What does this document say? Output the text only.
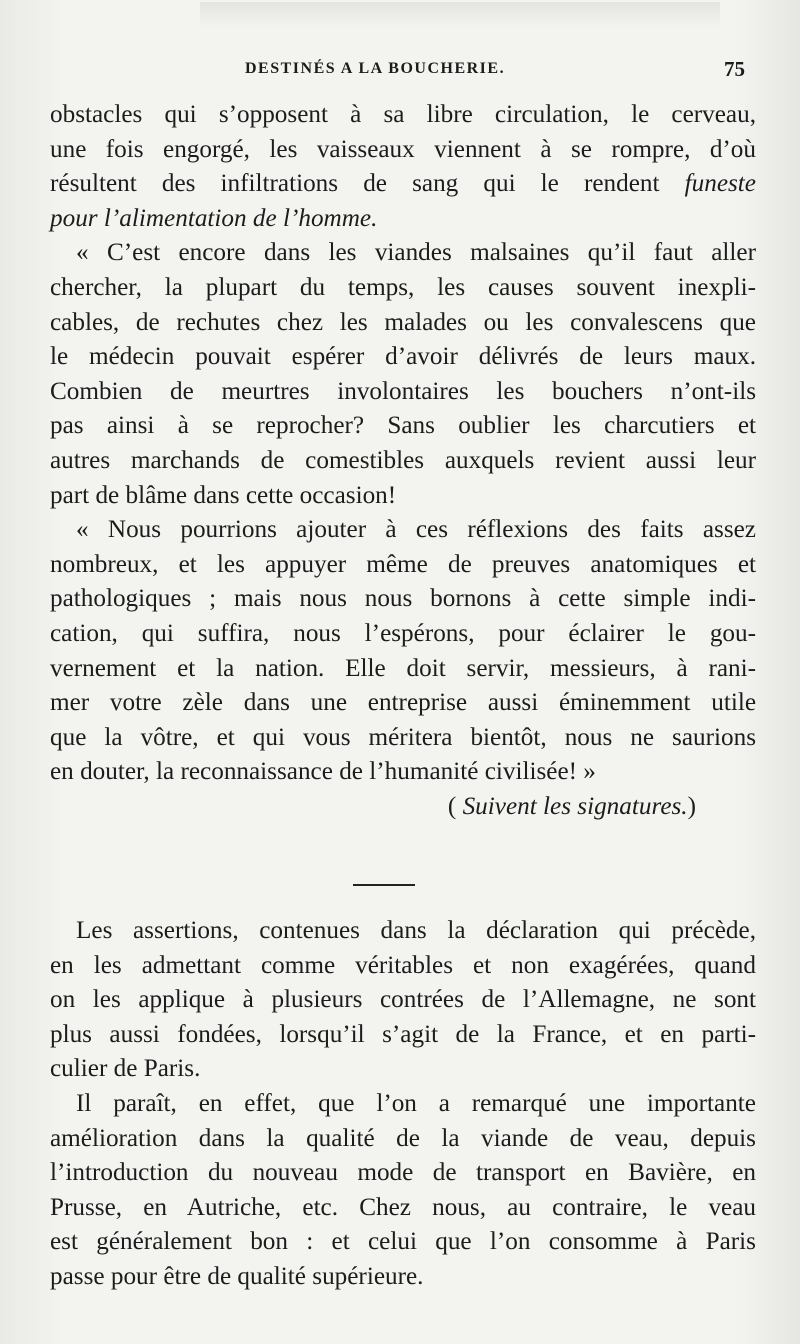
DESTINÉS A LA BOUCHERIE.	75
obstacles qui s’opposent à sa libre circulation, le cerveau,
une fois engorgé, les vaisseaux viennent à se rompre, d’où
résultent des infiltrations de sang qui le rendent funeste
pour l’alimentation de l’homme.
« C’est encore dans les viandes malsaines qu’il faut aller
chercher, la plupart du temps, les causes souvent inexpli-
cables, de rechutes chez les malades ou les convalescens que
le médecin pouvait espérer d’avoir délivrés de leurs maux.
Combien de meurtres involontaires les bouchers n’ont-ils
pas ainsi à se reprocher? Sans oublier les charcutiers et
autres marchands de comestibles auxquels revient aussi leur
part de blâme dans cette occasion!
« Nous pourrions ajouter à ces réflexions des faits assez
nombreux, et les appuyer même de preuves anatomiques et
pathologiques ; mais nous nous bornons à cette simple indi-
cation, qui suffira, nous l’espérons, pour éclairer le gou-
vernement et la nation. Elle doit servir, messieurs, à rani-
mer votre zèle dans une entreprise aussi éminemment utile
que la vôtre, et qui vous méritera bientôt, nous ne saurions
en douter, la reconnaissance de l’humanité civilisée! »
( Suivent les signatures.)
Les assertions, contenues dans la déclaration qui précède,
en les admettant comme véritables et non exagérées, quand
on les applique à plusieurs contrées de l’Allemagne, ne sont
plus aussi fondées, lorsqu’il s’agit de la France, et en parti-
culier de Paris.
Il paraît, en effet, que l’on a remarqué une importante
amélioration dans la qualité de la viande de veau, depuis
l’introduction du nouveau mode de transport en Bavière, en
Prusse, en Autriche, etc. Chez nous, au contraire, le veau
est généralement bon : et celui que l’on consomme à Paris
passe pour être de qualité supérieure.
